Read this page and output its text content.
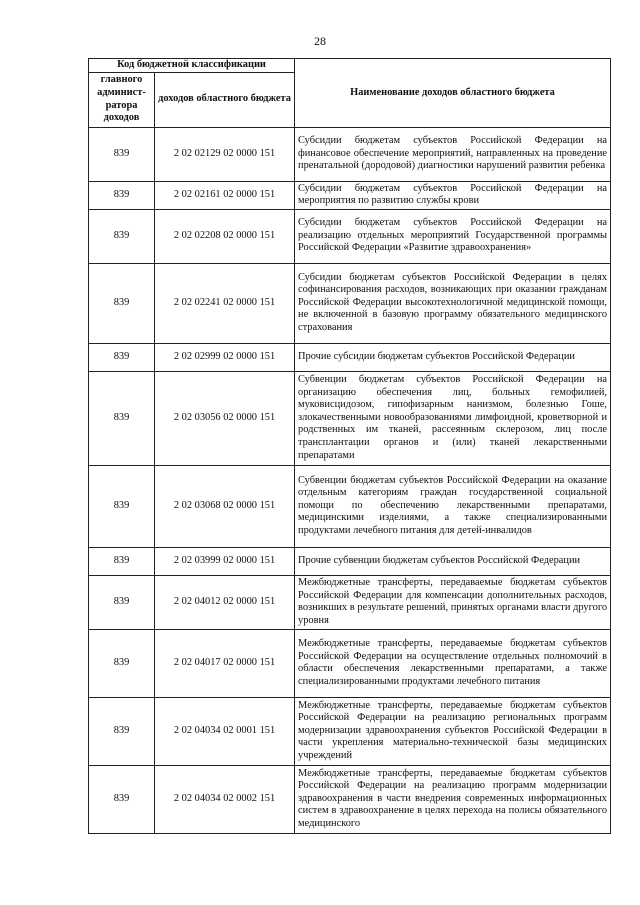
28
Код бюджетной классификации		Наименование доходов областного бюджета
главного админист-ратора доходов	доходов областного бюджета	
839	2 02 02129 02 0000 151	Субсидии бюджетам субъектов Российской Федерации на финансовое обеспечение мероприятий, направленных на проведение пренатальной (дородовой) диагностики нарушений развития ребенка
839	2 02 02161 02 0000 151	Субсидии бюджетам субъектов Российской Федерации на мероприятия по развитию службы крови
839	2 02 02208 02 0000 151	Субсидии бюджетам субъектов Российской Федерации на реализацию отдельных мероприятий Государственной программы Российской Федерации «Развитие здравоохранения»
839	2 02 02241 02 0000 151	Субсидии бюджетам субъектов Российской Федерации в целях софинансирования расходов, возникающих при оказании гражданам Российской Федерации высокотехнологичной медицинской помощи, не включенной в базовую программу обязательного медицинского страхования
839	2 02 02999 02 0000 151	Прочие субсидии бюджетам субъектов Российской Федерации
839	2 02 03056 02 0000 151	Субвенции бюджетам субъектов Российской Федерации на организацию обеспечения лиц, больных гемофилией, муковисцидозом, гипофизарным нанизмом, болезнью Гоше, злокачественными новообразованиями лимфоидной, кроветворной и родственных им тканей, рассеянным склерозом, лиц после трансплантации органов и (или) тканей лекарственными препаратами
839	2 02 03068 02 0000 151	Субвенции бюджетам субъектов Российской Федерации на оказание отдельным категориям граждан государственной социальной помощи по обеспечению лекарственными препаратами, медицинскими изделиями, а также специализированными продуктами лечебного питания для детей-инвалидов
839	2 02 03999 02 0000 151	Прочие субвенции бюджетам субъектов Российской Федерации
839	2 02 04012 02 0000 151	Межбюджетные трансферты, передаваемые бюджетам субъектов Российской Федерации для компенсации дополнительных расходов, возникших в результате решений, принятых органами власти другого уровня
839	2 02 04017 02 0000 151	Межбюджетные трансферты, передаваемые бюджетам субъектов Российской Федерации на осуществление отдельных полномочий в области обеспечения лекарственными препаратами, а также специализированными продуктами лечебного питания
839	2 02 04034 02 0001 151	Межбюджетные трансферты, передаваемые бюджетам субъектов Российской Федерации на реализацию региональных программ модернизации здравоохранения субъектов Российской Федерации в части укрепления материально-технической базы медицинских учреждений
839	2 02 04034 02 0002 151	Межбюджетные трансферты, передаваемые бюджетам субъектов Российской Федерации на реализацию программ модернизации здравоохранения в части внедрения современных информационных систем в здравоохранение в целях перехода на полисы обязательного медицинского
